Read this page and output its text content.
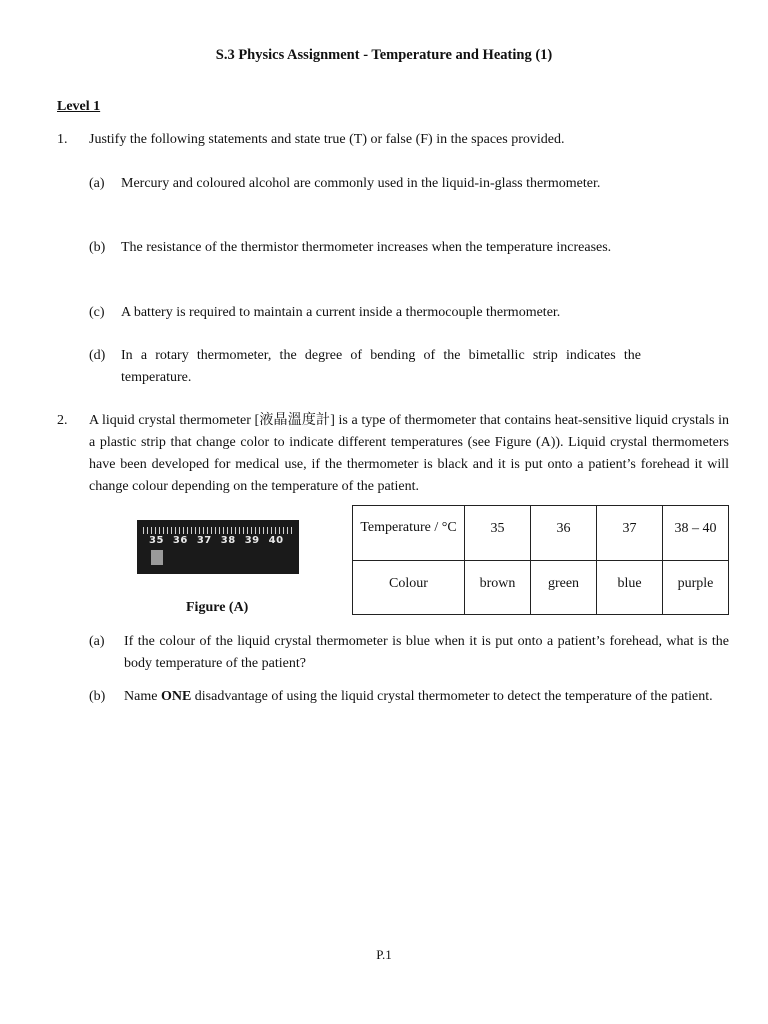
S.3 Physics Assignment - Temperature and Heating (1)
Level 1
1.	Justify the following statements and state true (T) or false (F) in the spaces provided.
(a) Mercury and coloured alcohol are commonly used in the liquid-in-glass thermometer.
(b) The resistance of the thermistor thermometer increases when the temperature increases.
(c) A battery is required to maintain a current inside a thermocouple thermometer.
(d) In a rotary thermometer, the degree of bending of the bimetallic strip indicates the temperature.
2.	A liquid crystal thermometer [液晶溫度計] is a type of thermometer that contains heat-sensitive liquid crystals in a plastic strip that change color to indicate different temperatures (see Figure (A)). Liquid crystal thermometers have been developed for medical use, if the thermometer is black and it is put onto a patient’s forehead it will change colour depending on the temperature of the patient.
35 36 37 38 39 40
Figure (A)
Temperature / °C	35	36	37	38 – 40
Colour	brown	green	blue	purple
(a) If the colour of the liquid crystal thermometer is blue when it is put onto a patient’s forehead, what is the body temperature of the patient?
(b) Name ONE disadvantage of using the liquid crystal thermometer to detect the temperature of the patient.
P.1
